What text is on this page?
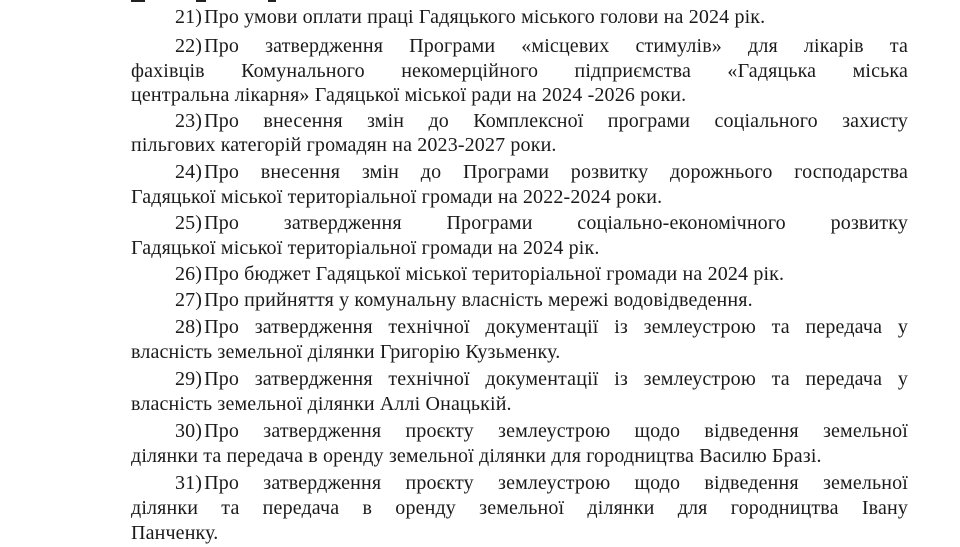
21) Про умови оплати праці Гадяцького міського голови на 2024 рік.
22) Про затвердження Програми «місцевих стимулів» для лікарів та
фахівців Комунального некомерційного підприємства «Гадяцька міська
центральна лікарня» Гадяцької міської ради на 2024 -2026 роки.
23) Про внесення змін до Комплексної програми соціального захисту
пільгових категорій громадян на 2023-2027 роки.
24) Про внесення змін до Програми розвитку дорожнього господарства
Гадяцької міської територіальної громади на 2022-2024 роки.
25) Про затвердження Програми соціально-економічного розвитку
Гадяцької міської територіальної громади на 2024 рік.
26) Про бюджет Гадяцької міської територіальної громади на 2024 рік.
27) Про прийняття у комунальну власність мережі водовідведення.
28) Про затвердження технічної документації із землеустрою та передача у
власність земельної ділянки Григорію Кузьменку.
29) Про затвердження технічної документації із землеустрою та передача у
власність земельної ділянки Аллі Онацькій.
30) Про затвердження проєкту землеустрою щодо відведення земельної
ділянки та передача в оренду земельної ділянки для городництва Василю Бразі.
31) Про затвердження проєкту землеустрою щодо відведення земельної
ділянки та передача в оренду земельної ділянки для городництва Івану
Панченку.
